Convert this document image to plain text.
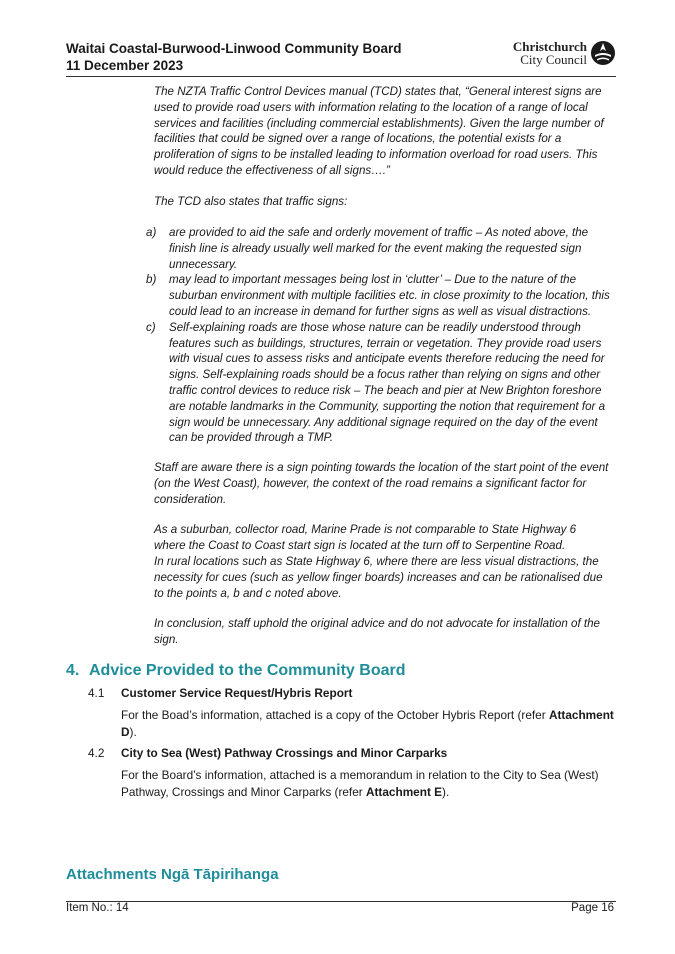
Waitai Coastal-Burwood-Linwood Community Board
11 December 2023
Christchurch
City Council

The NZTA Traffic Control Devices manual (TCD) states that, “General interest signs are used to provide road users with information relating to the location of a range of local services and facilities (including commercial establishments). Given the large number of facilities that could be signed over a range of locations, the potential exists for a proliferation of signs to be installed leading to information overload for road users. This would reduce the effectiveness of all signs….”

The TCD also states that traffic signs:

a) are provided to aid the safe and orderly movement of traffic – As noted above, the finish line is already usually well marked for the event making the requested sign unnecessary.
b) may lead to important messages being lost in ‘clutter’ – Due to the nature of the suburban environment with multiple facilities etc. in close proximity to the location, this could lead to an increase in demand for further signs as well as visual distractions.
c) Self-explaining roads are those whose nature can be readily understood through features such as buildings, structures, terrain or vegetation. They provide road users with visual cues to assess risks and anticipate events therefore reducing the need for signs. Self-explaining roads should be a focus rather than relying on signs and other traffic control devices to reduce risk – The beach and pier at New Brighton foreshore are notable landmarks in the Community, supporting the notion that requirement for a sign would be unnecessary. Any additional signage required on the day of the event can be provided through a TMP.

Staff are aware there is a sign pointing towards the location of the start point of the event (on the West Coast), however, the context of the road remains a significant factor for consideration.

As a suburban, collector road, Marine Prade is not comparable to State Highway 6 where the Coast to Coast start sign is located at the turn off to Serpentine Road.

In rural locations such as State Highway 6, where there are less visual distractions, the necessity for cues (such as yellow finger boards) increases and can be rationalised due to the points a, b and c noted above.

In conclusion, staff uphold the original advice and do not advocate for installation of the sign.

4. Advice Provided to the Community Board
4.1 Customer Service Request/Hybris Report

For the Boad’s information, attached is a copy of the October Hybris Report (refer Attachment D).

4.2 City to Sea (West) Pathway Crossings and Minor Carparks

For the Board’s information, attached is a memorandum in relation to the City to Sea (West) Pathway, Crossings and Minor Carparks (refer Attachment E).

Attachments Ngā Tāpirihanga
Item No.: 14	Page 16
